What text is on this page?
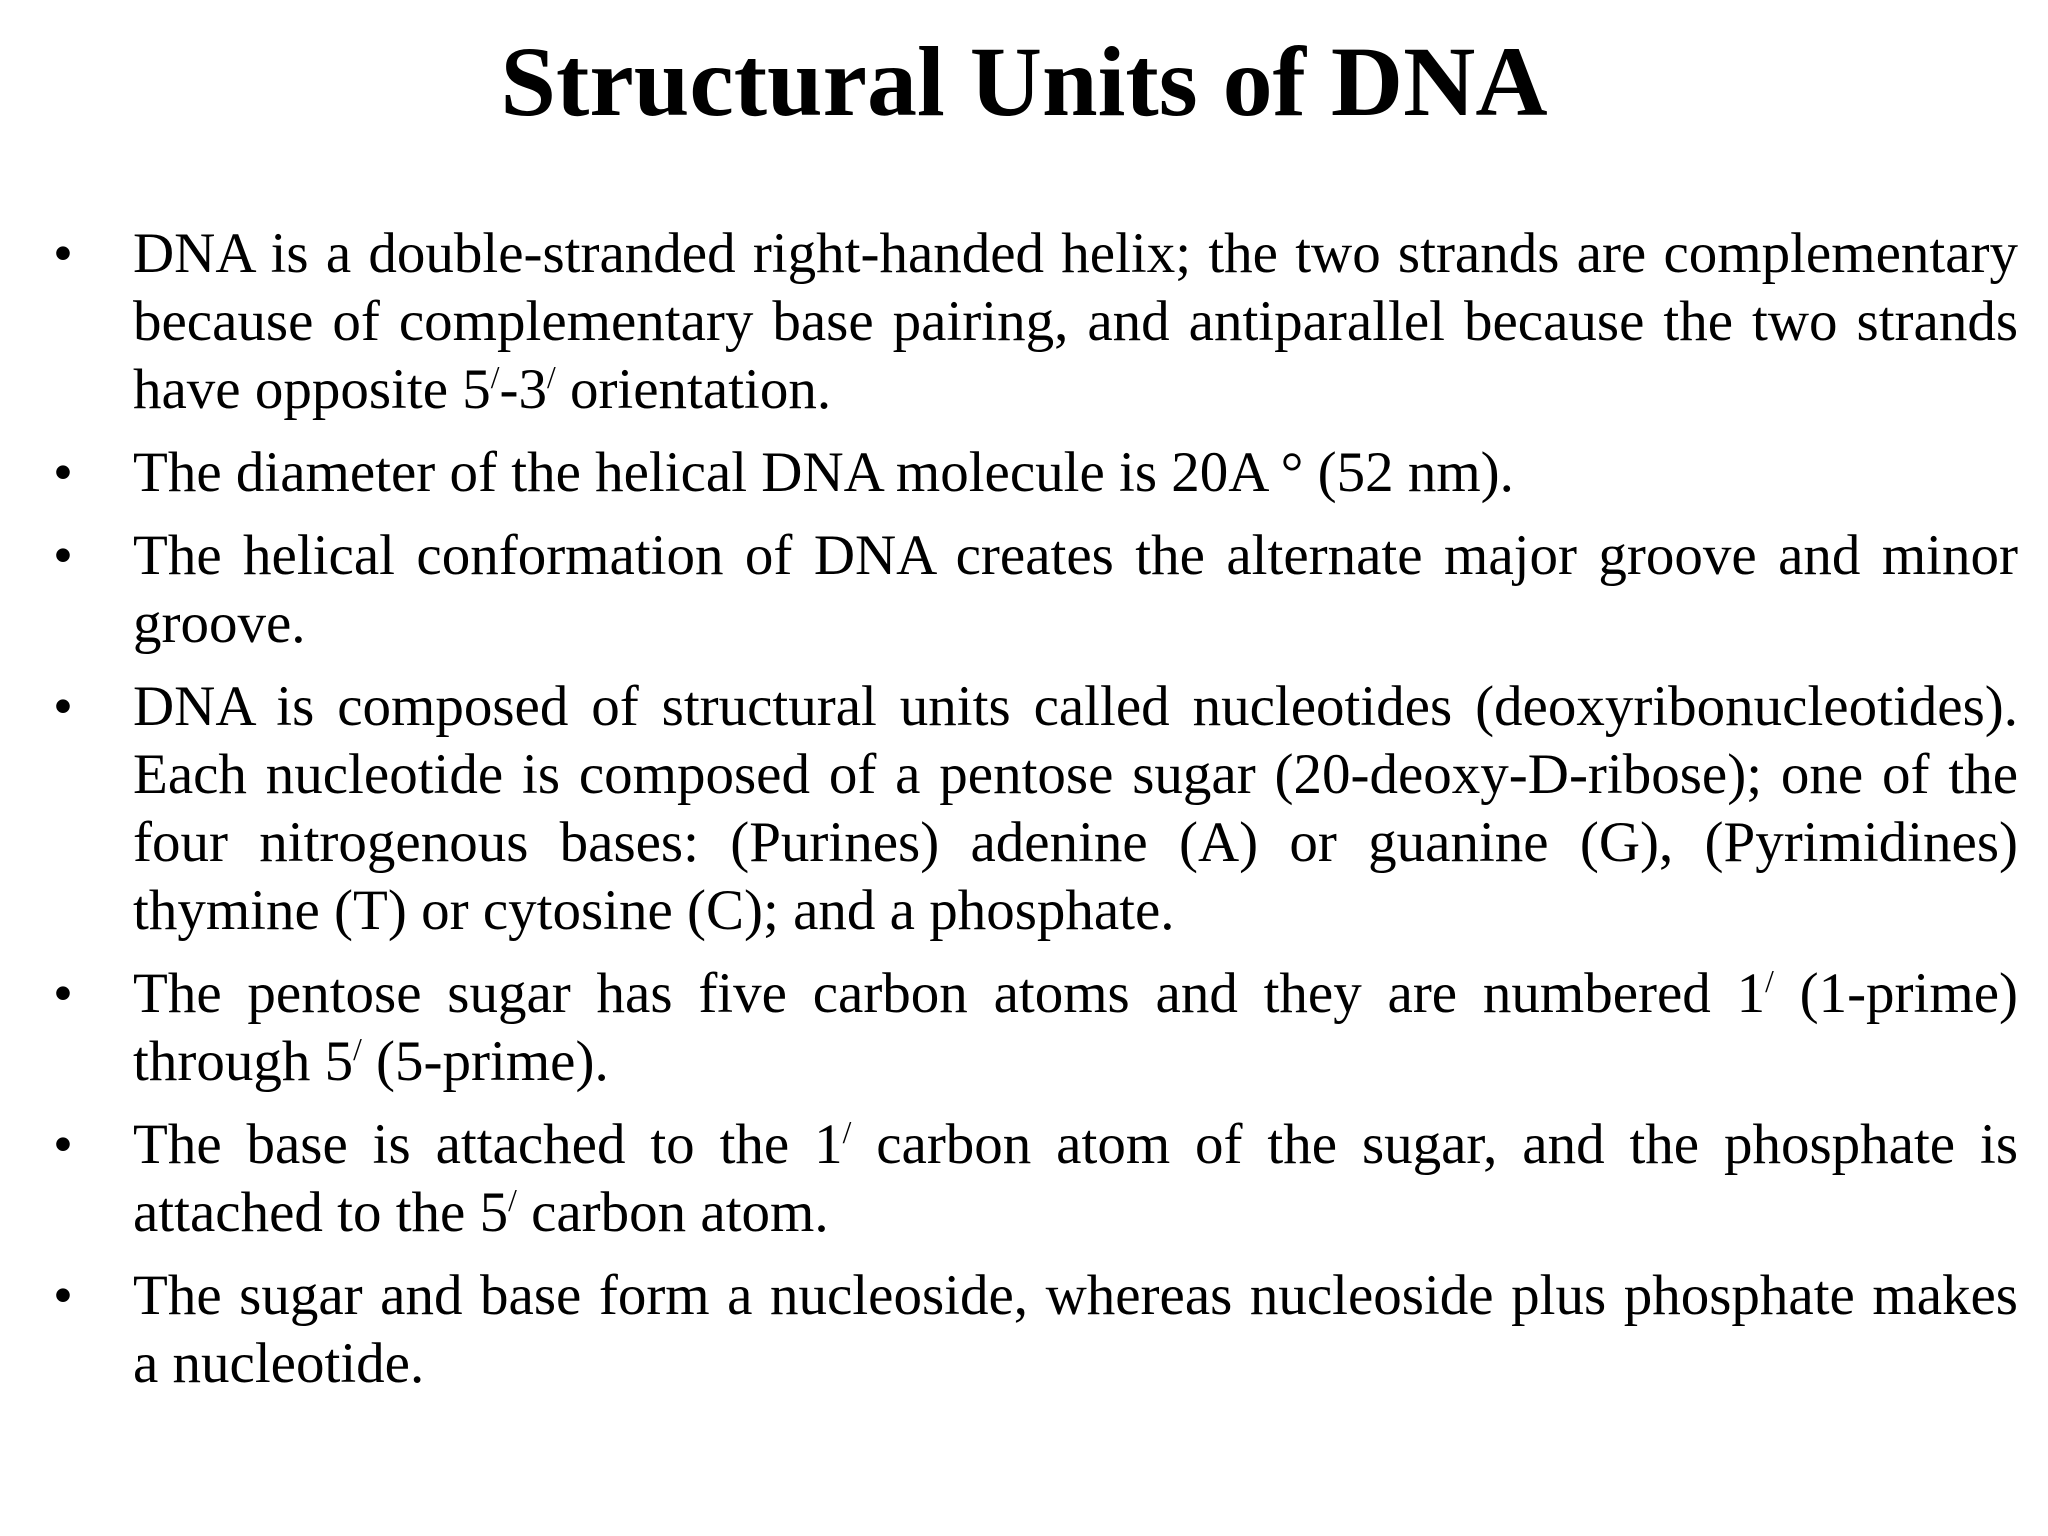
Structural Units of DNA
• DNA is a double-stranded right-handed helix; the two strands are complementary because of complementary base pairing, and antiparallel because the two strands have opposite 5/-3/ orientation.
• The diameter of the helical DNA molecule is 20A ° (52 nm).
• The helical conformation of DNA creates the alternate major groove and minor groove.
• DNA is composed of structural units called nucleotides (deoxyribonucleotides). Each nucleotide is composed of a pentose sugar (20-deoxy-D-ribose); one of the four nitrogenous bases: (Purines) adenine (A) or guanine (G), (Pyrimidines) thymine (T) or cytosine (C); and a phosphate.
• The pentose sugar has five carbon atoms and they are numbered 1/ (1-prime) through 5/ (5-prime).
• The base is attached to the 1/ carbon atom of the sugar, and the phosphate is attached to the 5/ carbon atom.
• The sugar and base form a nucleoside, whereas nucleoside plus phosphate makes a nucleotide.
